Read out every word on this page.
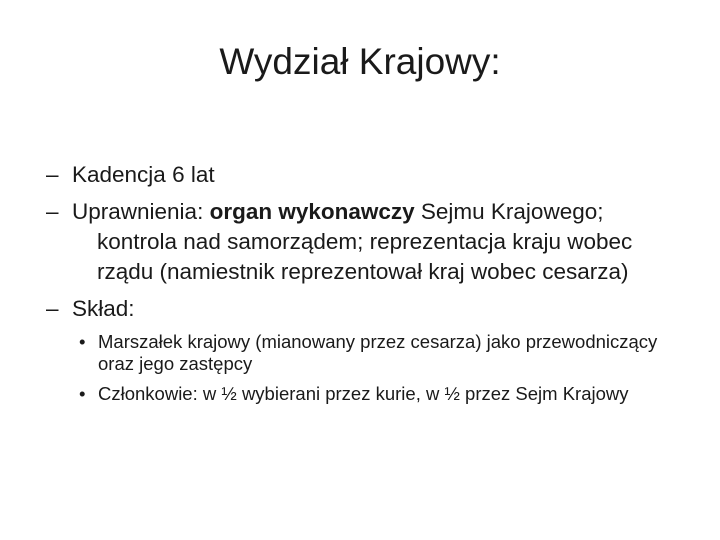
Wydział Krajowy:
– Kadencja 6 lat
– Uprawnienia: organ wykonawczy Sejmu Krajowego; kontrola nad samorządem; reprezentacja kraju wobec rządu (namiestnik reprezentował kraj wobec cesarza)
– Skład:
• Marszałek krajowy (mianowany przez cesarza) jako przewodniczący oraz jego zastępcy
• Członkowie: w ½ wybierani przez kurie, w ½ przez Sejm Krajowy
